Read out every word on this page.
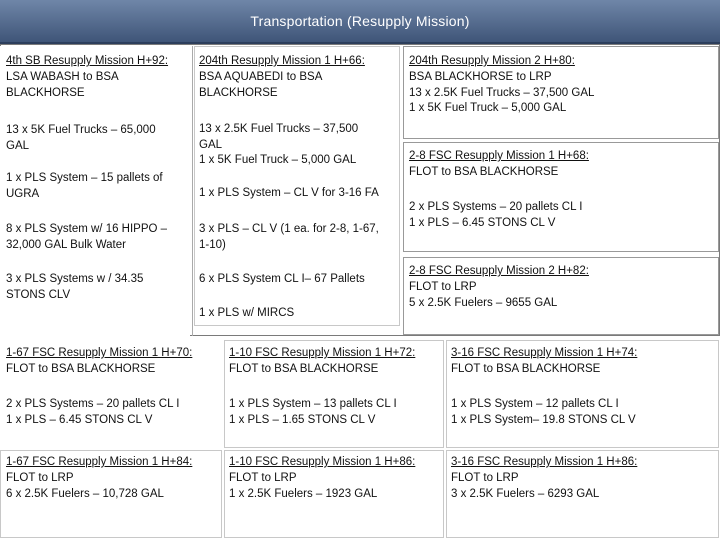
Transportation (Resupply Mission)
4th SB Resupply Mission H+92:
LSA WABASH to BSA
BLACKHORSE
13 x 5K Fuel Trucks – 65,000
GAL
1 x PLS System – 15 pallets of
UGRA
8 x PLS System w/ 16 HIPPO –
32,000 GAL Bulk Water
3 x PLS Systems w / 34.35
STONS CLV
204th Resupply Mission 1 H+66:
BSA AQUABEDI to BSA
BLACKHORSE
13 x 2.5K Fuel Trucks – 37,500
GAL
1 x 5K Fuel Truck – 5,000 GAL
1 x PLS System – CL V for 3-16 FA
3 x PLS – CL V (1 ea. for 2-8, 1-67,
1-10)
6 x PLS System CL I– 67 Pallets
1 x PLS w/ MIRCS
204th Resupply Mission 2 H+80:
BSA BLACKHORSE to LRP
13 x 2.5K Fuel Trucks – 37,500 GAL
1 x 5K Fuel Truck – 5,000 GAL
2-8 FSC Resupply Mission 1 H+68:
FLOT to BSA BLACKHORSE
2 x PLS Systems – 20 pallets CL I
1 x PLS – 6.45 STONS CL V
2-8 FSC Resupply Mission 2 H+82:
FLOT to LRP
5 x 2.5K Fuelers – 9655 GAL
1-67 FSC Resupply Mission 1 H+70:
FLOT to BSA BLACKHORSE
2 x PLS Systems – 20 pallets CL I
1 x PLS – 6.45 STONS CL V
1-10 FSC Resupply Mission 1 H+72:
FLOT to BSA BLACKHORSE
1 x PLS System – 13 pallets CL I
1 x PLS – 1.65 STONS CL V
3-16 FSC Resupply Mission 1 H+74:
FLOT to BSA BLACKHORSE
1 x PLS System – 12 pallets CL I
1 x PLS System– 19.8 STONS CL V
1-67 FSC Resupply Mission 1 H+84:
FLOT to LRP
6 x 2.5K Fuelers – 10,728 GAL
1-10 FSC Resupply Mission 1 H+86:
FLOT to LRP
1 x 2.5K Fuelers – 1923 GAL
3-16 FSC Resupply Mission 1 H+86:
FLOT to LRP
3 x 2.5K Fuelers – 6293 GAL
